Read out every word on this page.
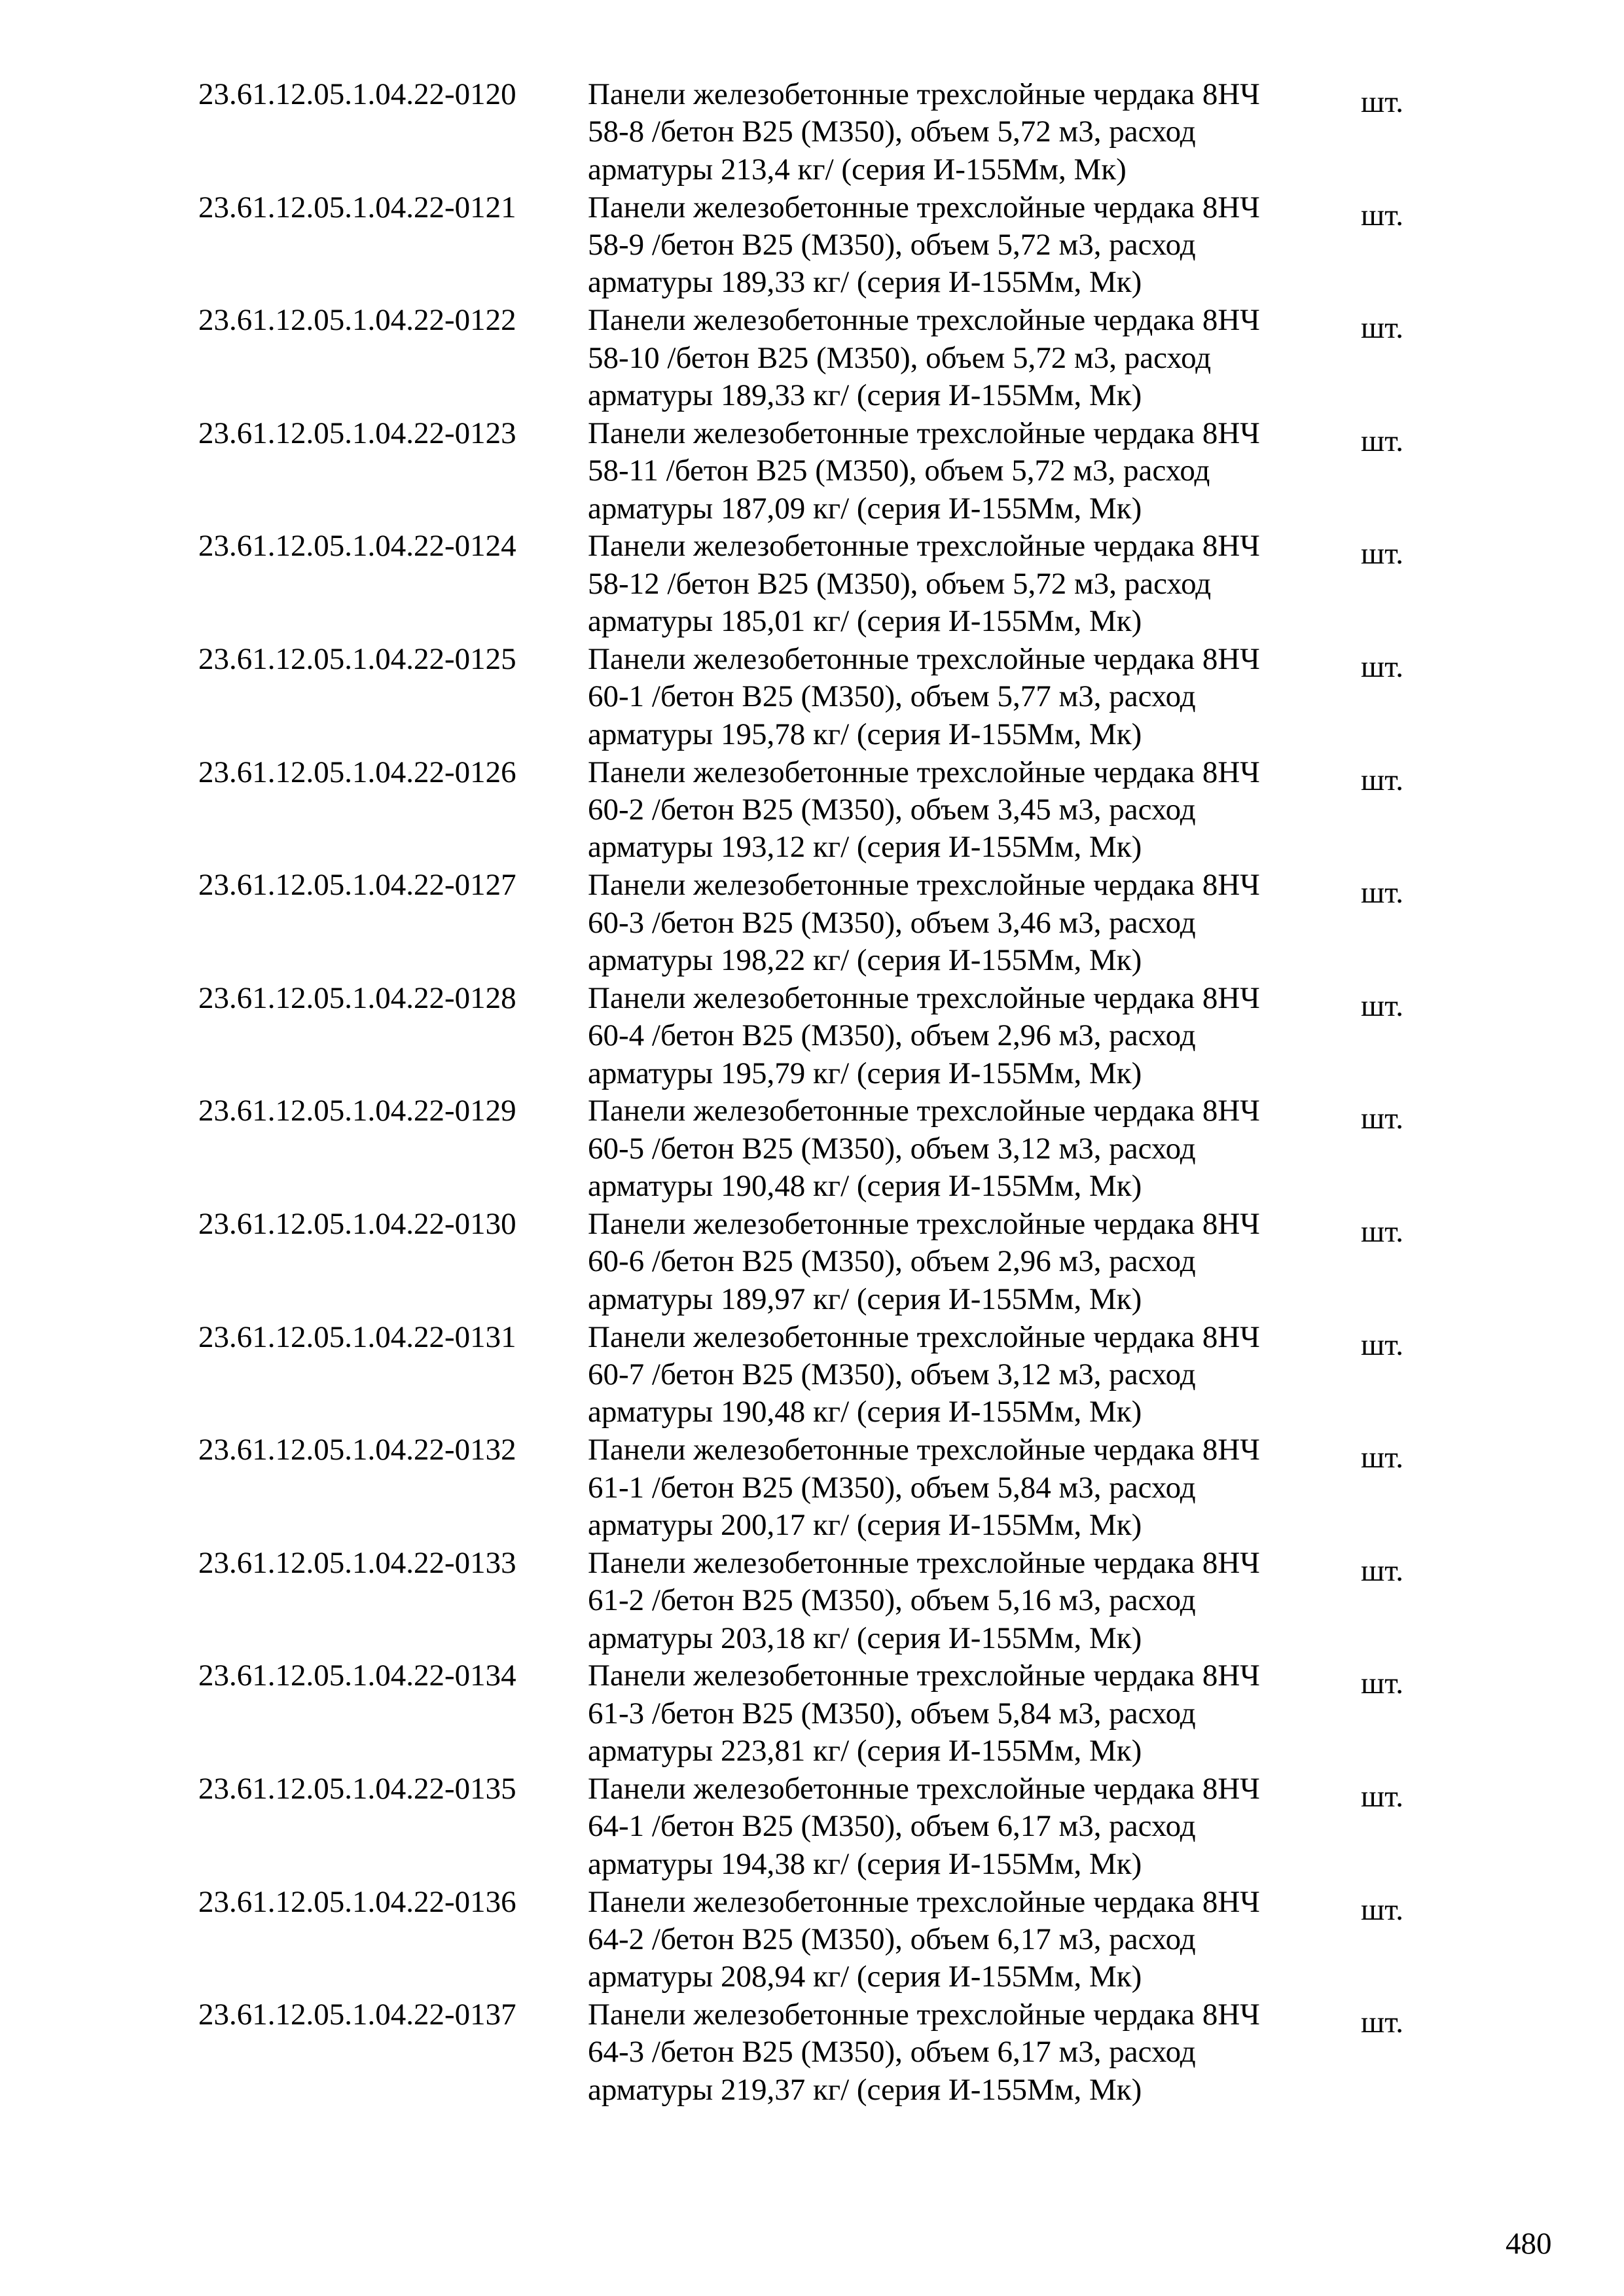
23.61.12.05.1.04.22-0120 Панели железобетонные трехслойные чердака 8НЧ
58-8 /бетон В25 (М350), объем 5,72 м3, расход
арматуры 213,4 кг/ (серия И-155Мм, Мк)
шт.
23.61.12.05.1.04.22-0121 Панели железобетонные трехслойные чердака 8НЧ
58-9 /бетон В25 (М350), объем 5,72 м3, расход
арматуры 189,33 кг/ (серия И-155Мм, Мк)
шт.
23.61.12.05.1.04.22-0122 Панели железобетонные трехслойные чердака 8НЧ
58-10 /бетон В25 (М350), объем 5,72 м3, расход
арматуры 189,33 кг/ (серия И-155Мм, Мк)
шт.
23.61.12.05.1.04.22-0123 Панели железобетонные трехслойные чердака 8НЧ
58-11 /бетон В25 (М350), объем 5,72 м3, расход
арматуры 187,09 кг/ (серия И-155Мм, Мк)
шт.
23.61.12.05.1.04.22-0124 Панели железобетонные трехслойные чердака 8НЧ
58-12 /бетон В25 (М350), объем 5,72 м3, расход
арматуры 185,01 кг/ (серия И-155Мм, Мк)
шт.
23.61.12.05.1.04.22-0125 Панели железобетонные трехслойные чердака 8НЧ
60-1 /бетон В25 (М350), объем 5,77 м3, расход
арматуры 195,78 кг/ (серия И-155Мм, Мк)
шт.
23.61.12.05.1.04.22-0126 Панели железобетонные трехслойные чердака 8НЧ
60-2 /бетон В25 (М350), объем 3,45 м3, расход
арматуры 193,12 кг/ (серия И-155Мм, Мк)
шт.
23.61.12.05.1.04.22-0127 Панели железобетонные трехслойные чердака 8НЧ
60-3 /бетон В25 (М350), объем 3,46 м3, расход
арматуры 198,22 кг/ (серия И-155Мм, Мк)
шт.
23.61.12.05.1.04.22-0128 Панели железобетонные трехслойные чердака 8НЧ
60-4 /бетон В25 (М350), объем 2,96 м3, расход
арматуры 195,79 кг/ (серия И-155Мм, Мк)
шт.
23.61.12.05.1.04.22-0129 Панели железобетонные трехслойные чердака 8НЧ
60-5 /бетон В25 (М350), объем 3,12 м3, расход
арматуры 190,48 кг/ (серия И-155Мм, Мк)
шт.
23.61.12.05.1.04.22-0130 Панели железобетонные трехслойные чердака 8НЧ
60-6 /бетон В25 (М350), объем 2,96 м3, расход
арматуры 189,97 кг/ (серия И-155Мм, Мк)
шт.
23.61.12.05.1.04.22-0131 Панели железобетонные трехслойные чердака 8НЧ
60-7 /бетон В25 (М350), объем 3,12 м3, расход
арматуры 190,48 кг/ (серия И-155Мм, Мк)
шт.
23.61.12.05.1.04.22-0132 Панели железобетонные трехслойные чердака 8НЧ
61-1 /бетон В25 (М350), объем 5,84 м3, расход
арматуры 200,17 кг/ (серия И-155Мм, Мк)
шт.
23.61.12.05.1.04.22-0133 Панели железобетонные трехслойные чердака 8НЧ
61-2 /бетон В25 (М350), объем 5,16 м3, расход
арматуры 203,18 кг/ (серия И-155Мм, Мк)
шт.
23.61.12.05.1.04.22-0134 Панели железобетонные трехслойные чердака 8НЧ
61-3 /бетон В25 (М350), объем 5,84 м3, расход
арматуры 223,81 кг/ (серия И-155Мм, Мк)
шт.
23.61.12.05.1.04.22-0135 Панели железобетонные трехслойные чердака 8НЧ
64-1 /бетон В25 (М350), объем 6,17 м3, расход
арматуры 194,38 кг/ (серия И-155Мм, Мк)
шт.
23.61.12.05.1.04.22-0136 Панели железобетонные трехслойные чердака 8НЧ
64-2 /бетон В25 (М350), объем 6,17 м3, расход
арматуры 208,94 кг/ (серия И-155Мм, Мк)
шт.
23.61.12.05.1.04.22-0137 Панели железобетонные трехслойные чердака 8НЧ
64-3 /бетон В25 (М350), объем 6,17 м3, расход
арматуры 219,37 кг/ (серия И-155Мм, Мк)
шт.
480
